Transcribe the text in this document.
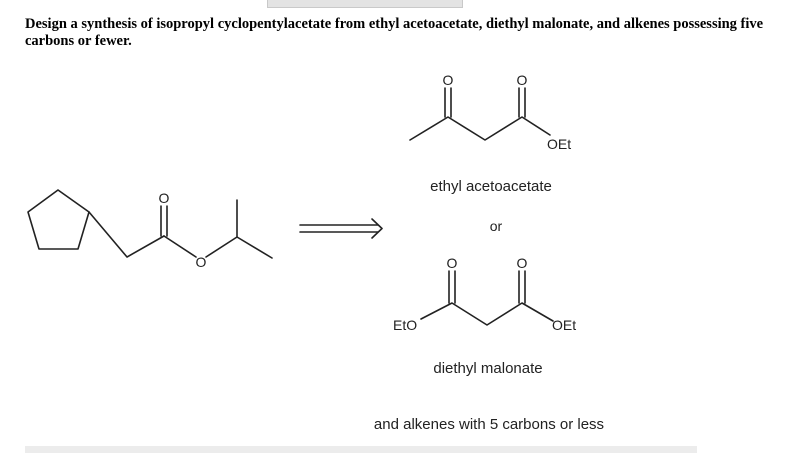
Design a synthesis of isopropyl cyclopentylacetate from ethyl acetoacetate, diethyl malonate, and alkenes possessing five carbons or fewer.
O
O
O	O
OEt
ethyl acetoacetate
or
O	O
EtO	OEt
diethyl malonate
and alkenes with 5 carbons or less
